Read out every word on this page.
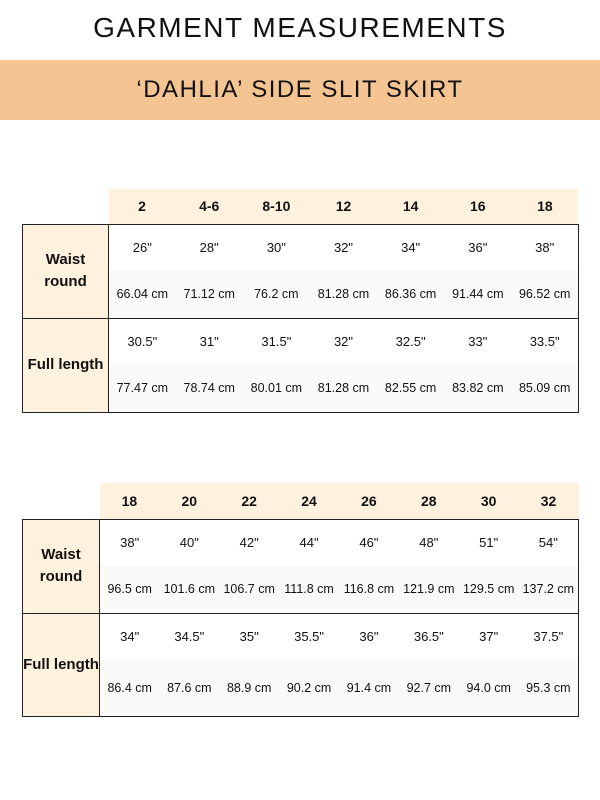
GARMENT MEASUREMENTS
‘DAHLIA’ SIDE SLIT SKIRT
	2	4-6	8-10	12	14	16	18
Waist round	26"	28"	30"	32"	34"	36"	38"
	66.04 cm	71.12 cm	76.2 cm	81.28 cm	86.36 cm	91.44 cm	96.52 cm
Full length	30.5"	31"	31.5"	32"	32.5"	33"	33.5"
	77.47 cm	78.74 cm	80.01 cm	81.28 cm	82.55 cm	83.82 cm	85.09 cm
	18	20	22	24	26	28	30	32
Waist round	38"	40"	42"	44"	46"	48"	51"	54"
	96.5 cm	101.6 cm	106.7 cm	111.8 cm	116.8 cm	121.9 cm	129.5 cm	137.2 cm
Full length	34"	34.5"	35"	35.5"	36"	36.5"	37"	37.5"
	86.4 cm	87.6 cm	88.9 cm	90.2 cm	91.4 cm	92.7 cm	94.0 cm	95.3 cm
